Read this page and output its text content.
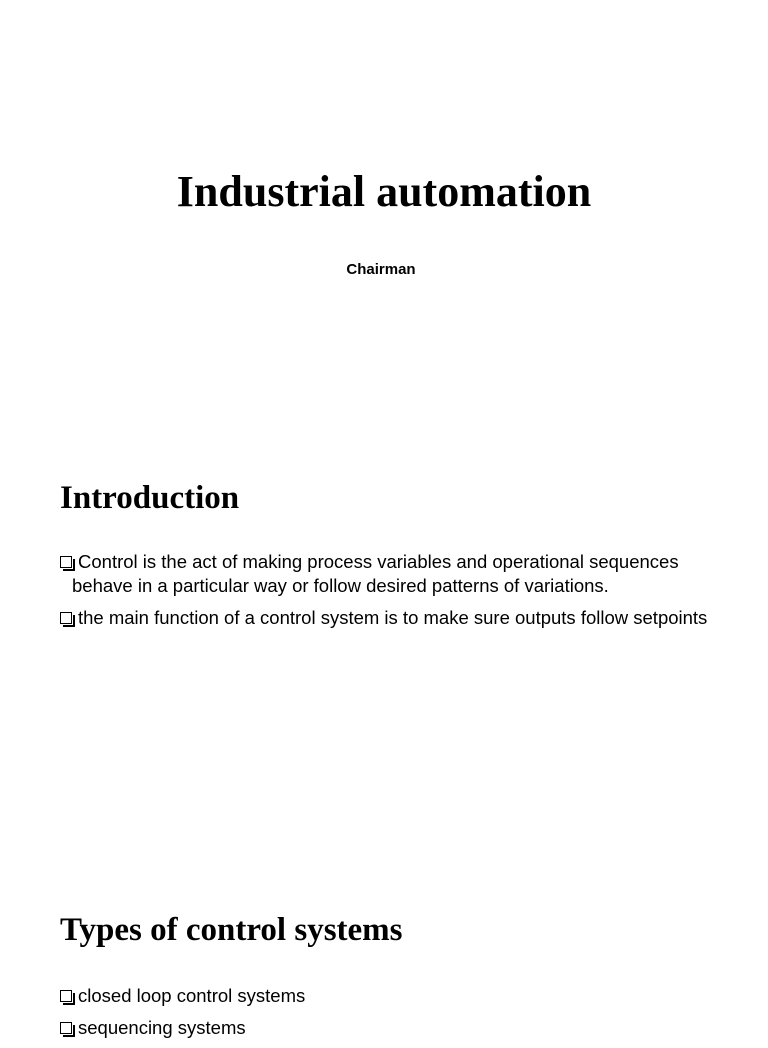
Industrial automation
Chairman
Introduction
Control is the act of making process variables and operational sequences behave in a particular way or follow desired patterns of variations.
the main function of a control system is to make sure outputs follow setpoints
Types of control systems
closed loop control systems
sequencing systems
